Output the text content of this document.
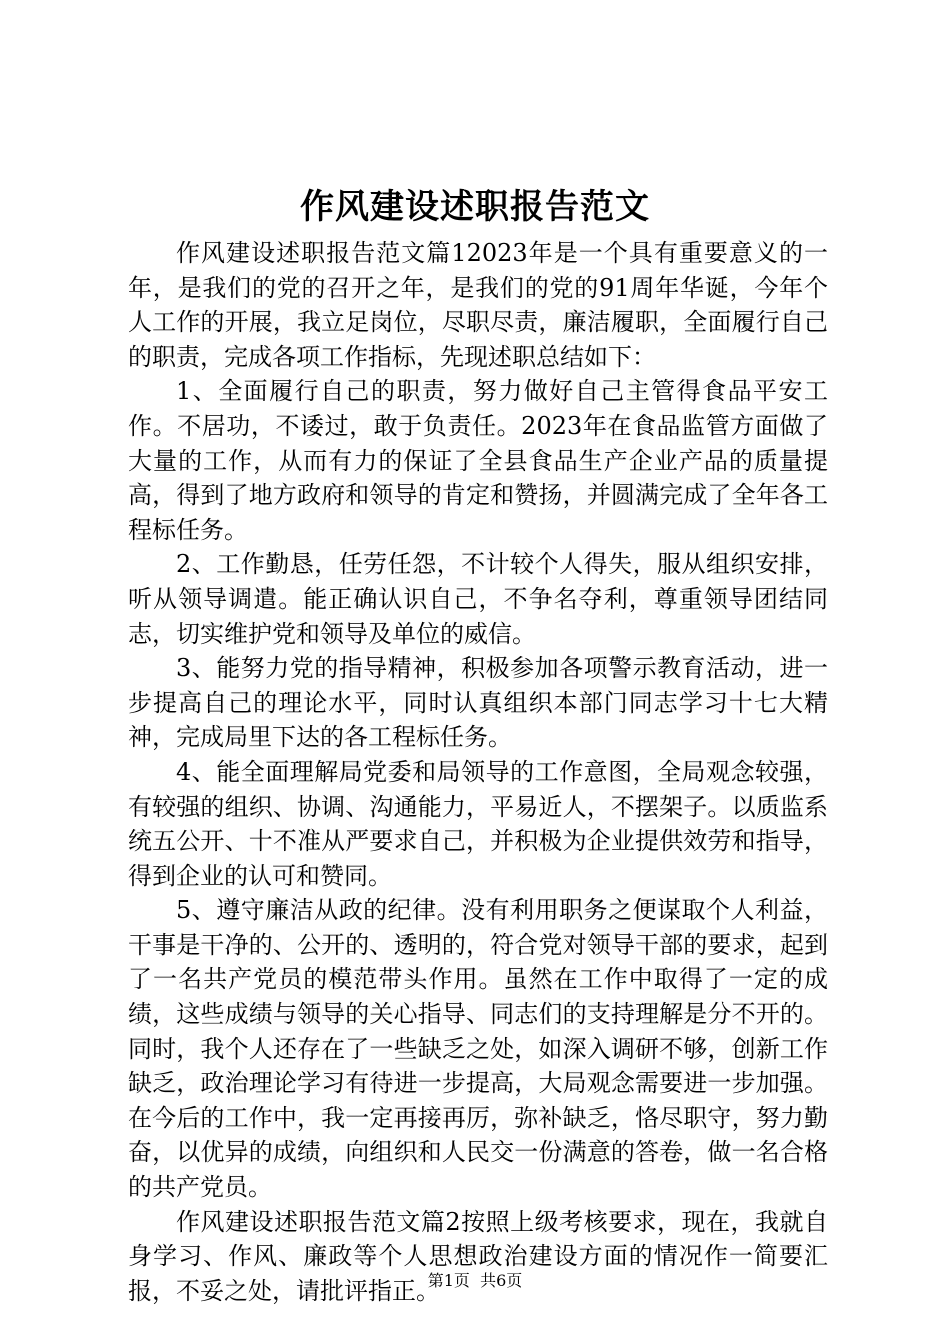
作风建设述职报告范文

作风建设述职报告范文篇12023年是一个具有重要意义的一年，是我们的党的召开之年，是我们的党的91周年华诞，今年个人工作的开展，我立足岗位，尽职尽责，廉洁履职，全面履行自己的职责，完成各项工作指标，先现述职总结如下：

1、全面履行自己的职责，努力做好自己主管得食品平安工作。不居功，不诿过，敢于负责任。2023年在食品监管方面做了大量的工作，从而有力的保证了全县食品生产企业产品的质量提高，得到了地方政府和领导的肯定和赞扬，并圆满完成了全年各工程标任务。

2、工作勤恳，任劳任怨，不计较个人得失，服从组织安排，听从领导调遣。能正确认识自己，不争名夺利，尊重领导团结同志，切实维护党和领导及单位的威信。

3、能努力党的指导精神，积极参加各项警示教育活动，进一步提高自己的理论水平，同时认真组织本部门同志学习十七大精神，完成局里下达的各工程标任务。

4、能全面理解局党委和局领导的工作意图，全局观念较强，有较强的组织、协调、沟通能力，平易近人，不摆架子。以质监系统五公开、十不准从严要求自己，并积极为企业提供效劳和指导，得到企业的认可和赞同。

5、遵守廉洁从政的纪律。没有利用职务之便谋取个人利益，干事是干净的、公开的、透明的，符合党对领导干部的要求，起到了一名共产党员的模范带头作用。虽然在工作中取得了一定的成绩，这些成绩与领导的关心指导、同志们的支持理解是分不开的。同时，我个人还存在了一些缺乏之处，如深入调研不够，创新工作缺乏，政治理论学习有待进一步提高，大局观念需要进一步加强。在今后的工作中，我一定再接再厉，弥补缺乏，恪尽职守，努力勤奋，以优异的成绩，向组织和人民交一份满意的答卷，做一名合格的共产党员。

作风建设述职报告范文篇2按照上级考核要求，现在，我就自身学习、作风、廉政等个人思想政治建设方面的情况作一简要汇报，不妥之处，请批评指正。

第1页  共6页
